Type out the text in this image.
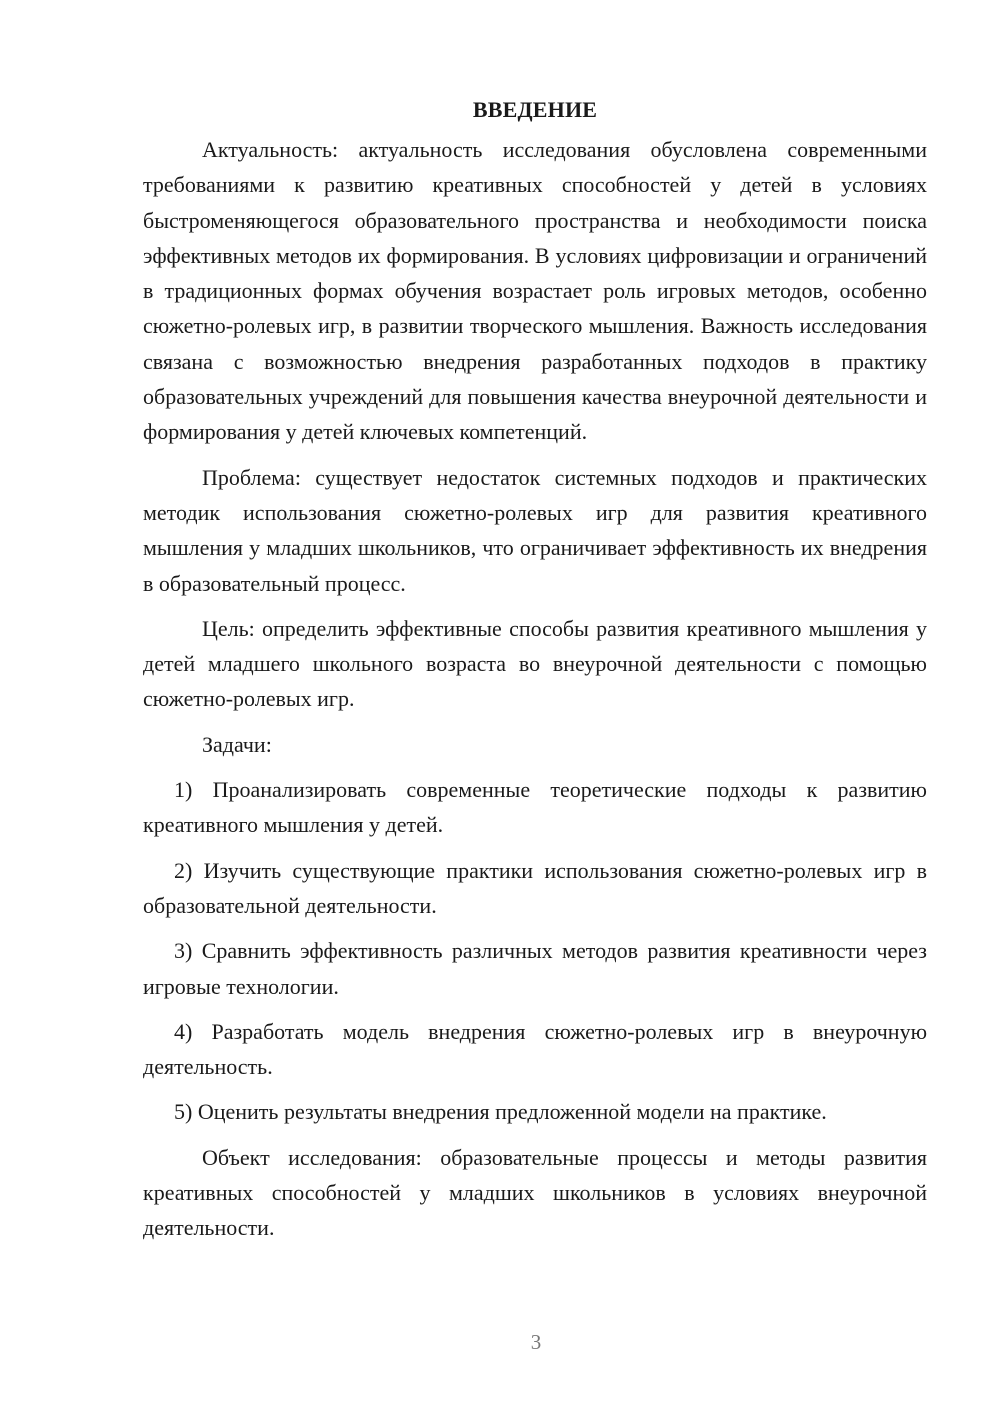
ВВЕДЕНИЕ

Актуальность: актуальность исследования обусловлена современными требованиями к развитию креативных способностей у детей в условиях быстроменяющегося образовательного пространства и необходимости поиска эффективных методов их формирования. В условиях цифровизации и ограничений в традиционных формах обучения возрастает роль игровых методов, особенно сюжетно-ролевых игр, в развитии творческого мышления. Важность исследования связана с возможностью внедрения разработанных подходов в практику образовательных учреждений для повышения качества внеурочной деятельности и формирования у детей ключевых компетенций.

Проблема: существует недостаток системных подходов и практических методик использования сюжетно-ролевых игр для развития креативного мышления у младших школьников, что ограничивает эффективность их внедрения в образовательный процесс.

Цель: определить эффективные способы развития креативного мышления у детей младшего школьного возраста во внеурочной деятельности с помощью сюжетно-ролевых игр.

Задачи:

1) Проанализировать современные теоретические подходы к развитию креативного мышления у детей.

2) Изучить существующие практики использования сюжетно-ролевых игр в образовательной деятельности.

3) Сравнить эффективность различных методов развития креативности через игровые технологии.

4) Разработать модель внедрения сюжетно-ролевых игр в внеурочную деятельность.

5) Оценить результаты внедрения предложенной модели на практике.

Объект исследования: образовательные процессы и методы развития креативных способностей у младших школьников в условиях внеурочной деятельности.

3
